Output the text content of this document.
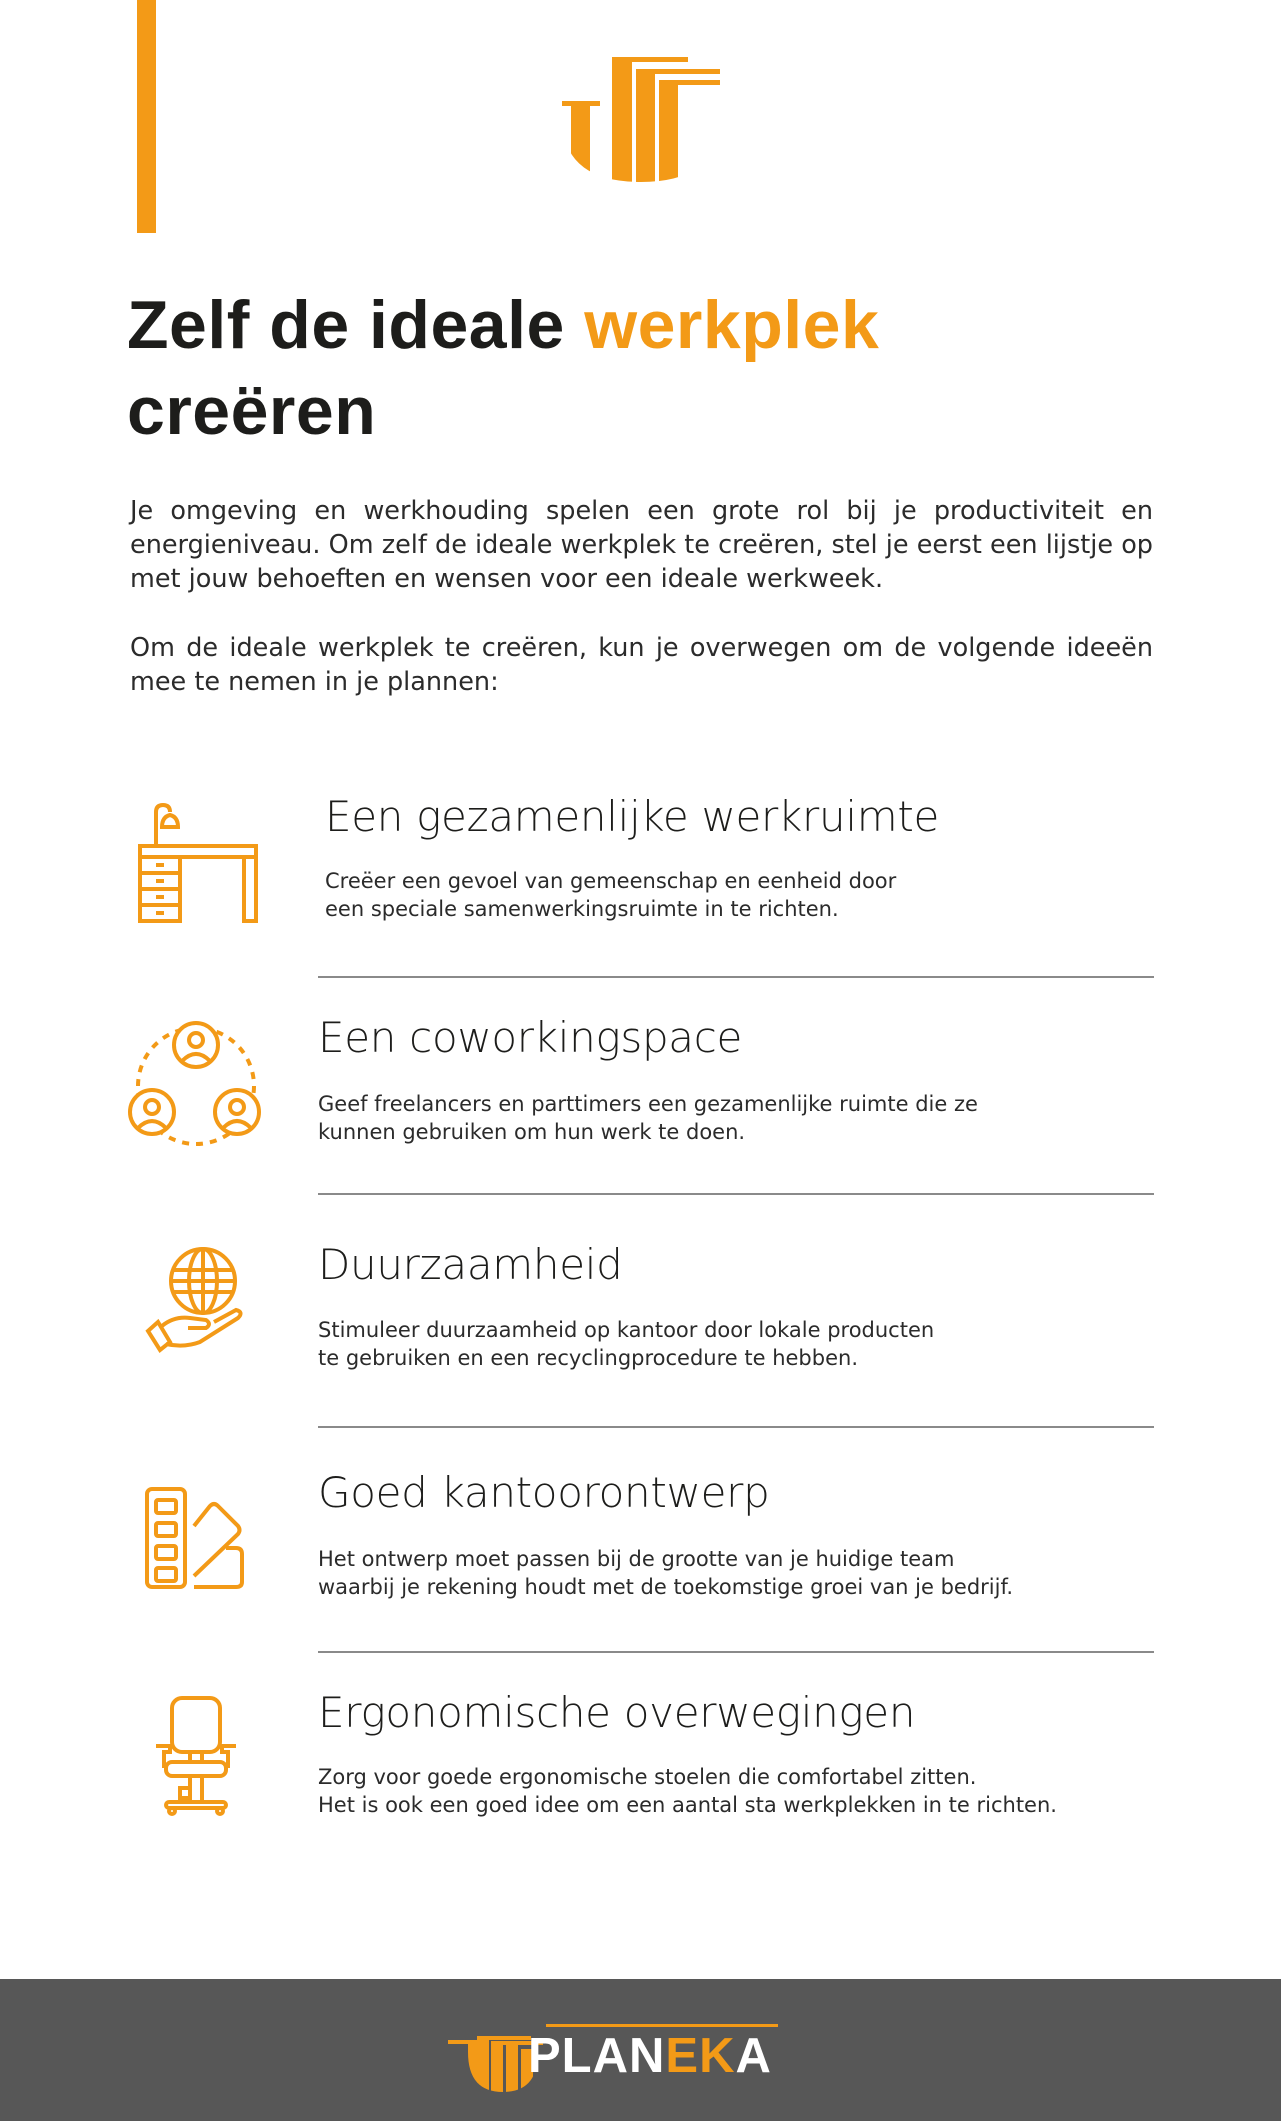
Zelf de ideale werkplek
creëren

Je omgeving en werkhouding spelen een grote rol bij je productiviteit en energieniveau. Om zelf de ideale werkplek te creëren, stel je eerst een lijstje op met jouw behoeften en wensen voor een ideale werkweek.

Om de ideale werkplek te creëren, kun je overwegen om de volgende ideeën mee te nemen in je plannen:

Een gezamenlijke werkruimte

Creëer een gevoel van gemeenschap en eenheid door

een speciale samenwerkingsruimte in te richten.

Een coworkingspace

Geef freelancers en parttimers een gezamenlijke ruimte die ze

kunnen gebruiken om hun werk te doen.

Duurzaamheid

Stimuleer duurzaamheid op kantoor door lokale producten

te gebruiken en een recyclingprocedure te hebben.

Goed kantoorontwerp

Het ontwerp moet passen bij de grootte van je huidige team

waarbij je rekening houdt met de toekomstige groei van je bedrijf.

Ergonomische overwegingen

Zorg voor goede ergonomische stoelen die comfortabel zitten.

Het is ook een goed idee om een aantal sta werkplekken in te richten.

PLANEKA
